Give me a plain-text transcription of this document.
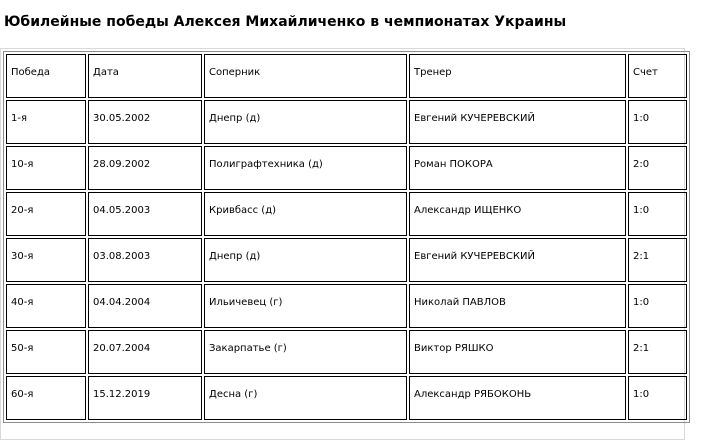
Юбилейные победы Алексея Михайличенко в чемпионатах Украины
Победа	Дата	Соперник	Тренер	Счет

1-я	30.05.2002	Днепр (д)	Евгений КУЧЕРЕВСКИЙ	1:0

10-я	28.09.2002	Полиграфтехника (д)	Роман ПОКОРА	2:0

20-я	04.05.2003	Кривбасс (д)	Александр ИЩЕНКО	1:0

30-я	03.08.2003	Днепр (д)	Евгений КУЧЕРЕВСКИЙ	2:1

40-я	04.04.2004	Ильичевец (г)	Николай ПАВЛОВ	1:0

50-я	20.07.2004	Закарпатье (г)	Виктор РЯШКО	2:1

60-я	15.12.2019	Десна (г)	Александр РЯБОКОНЬ	1:0
